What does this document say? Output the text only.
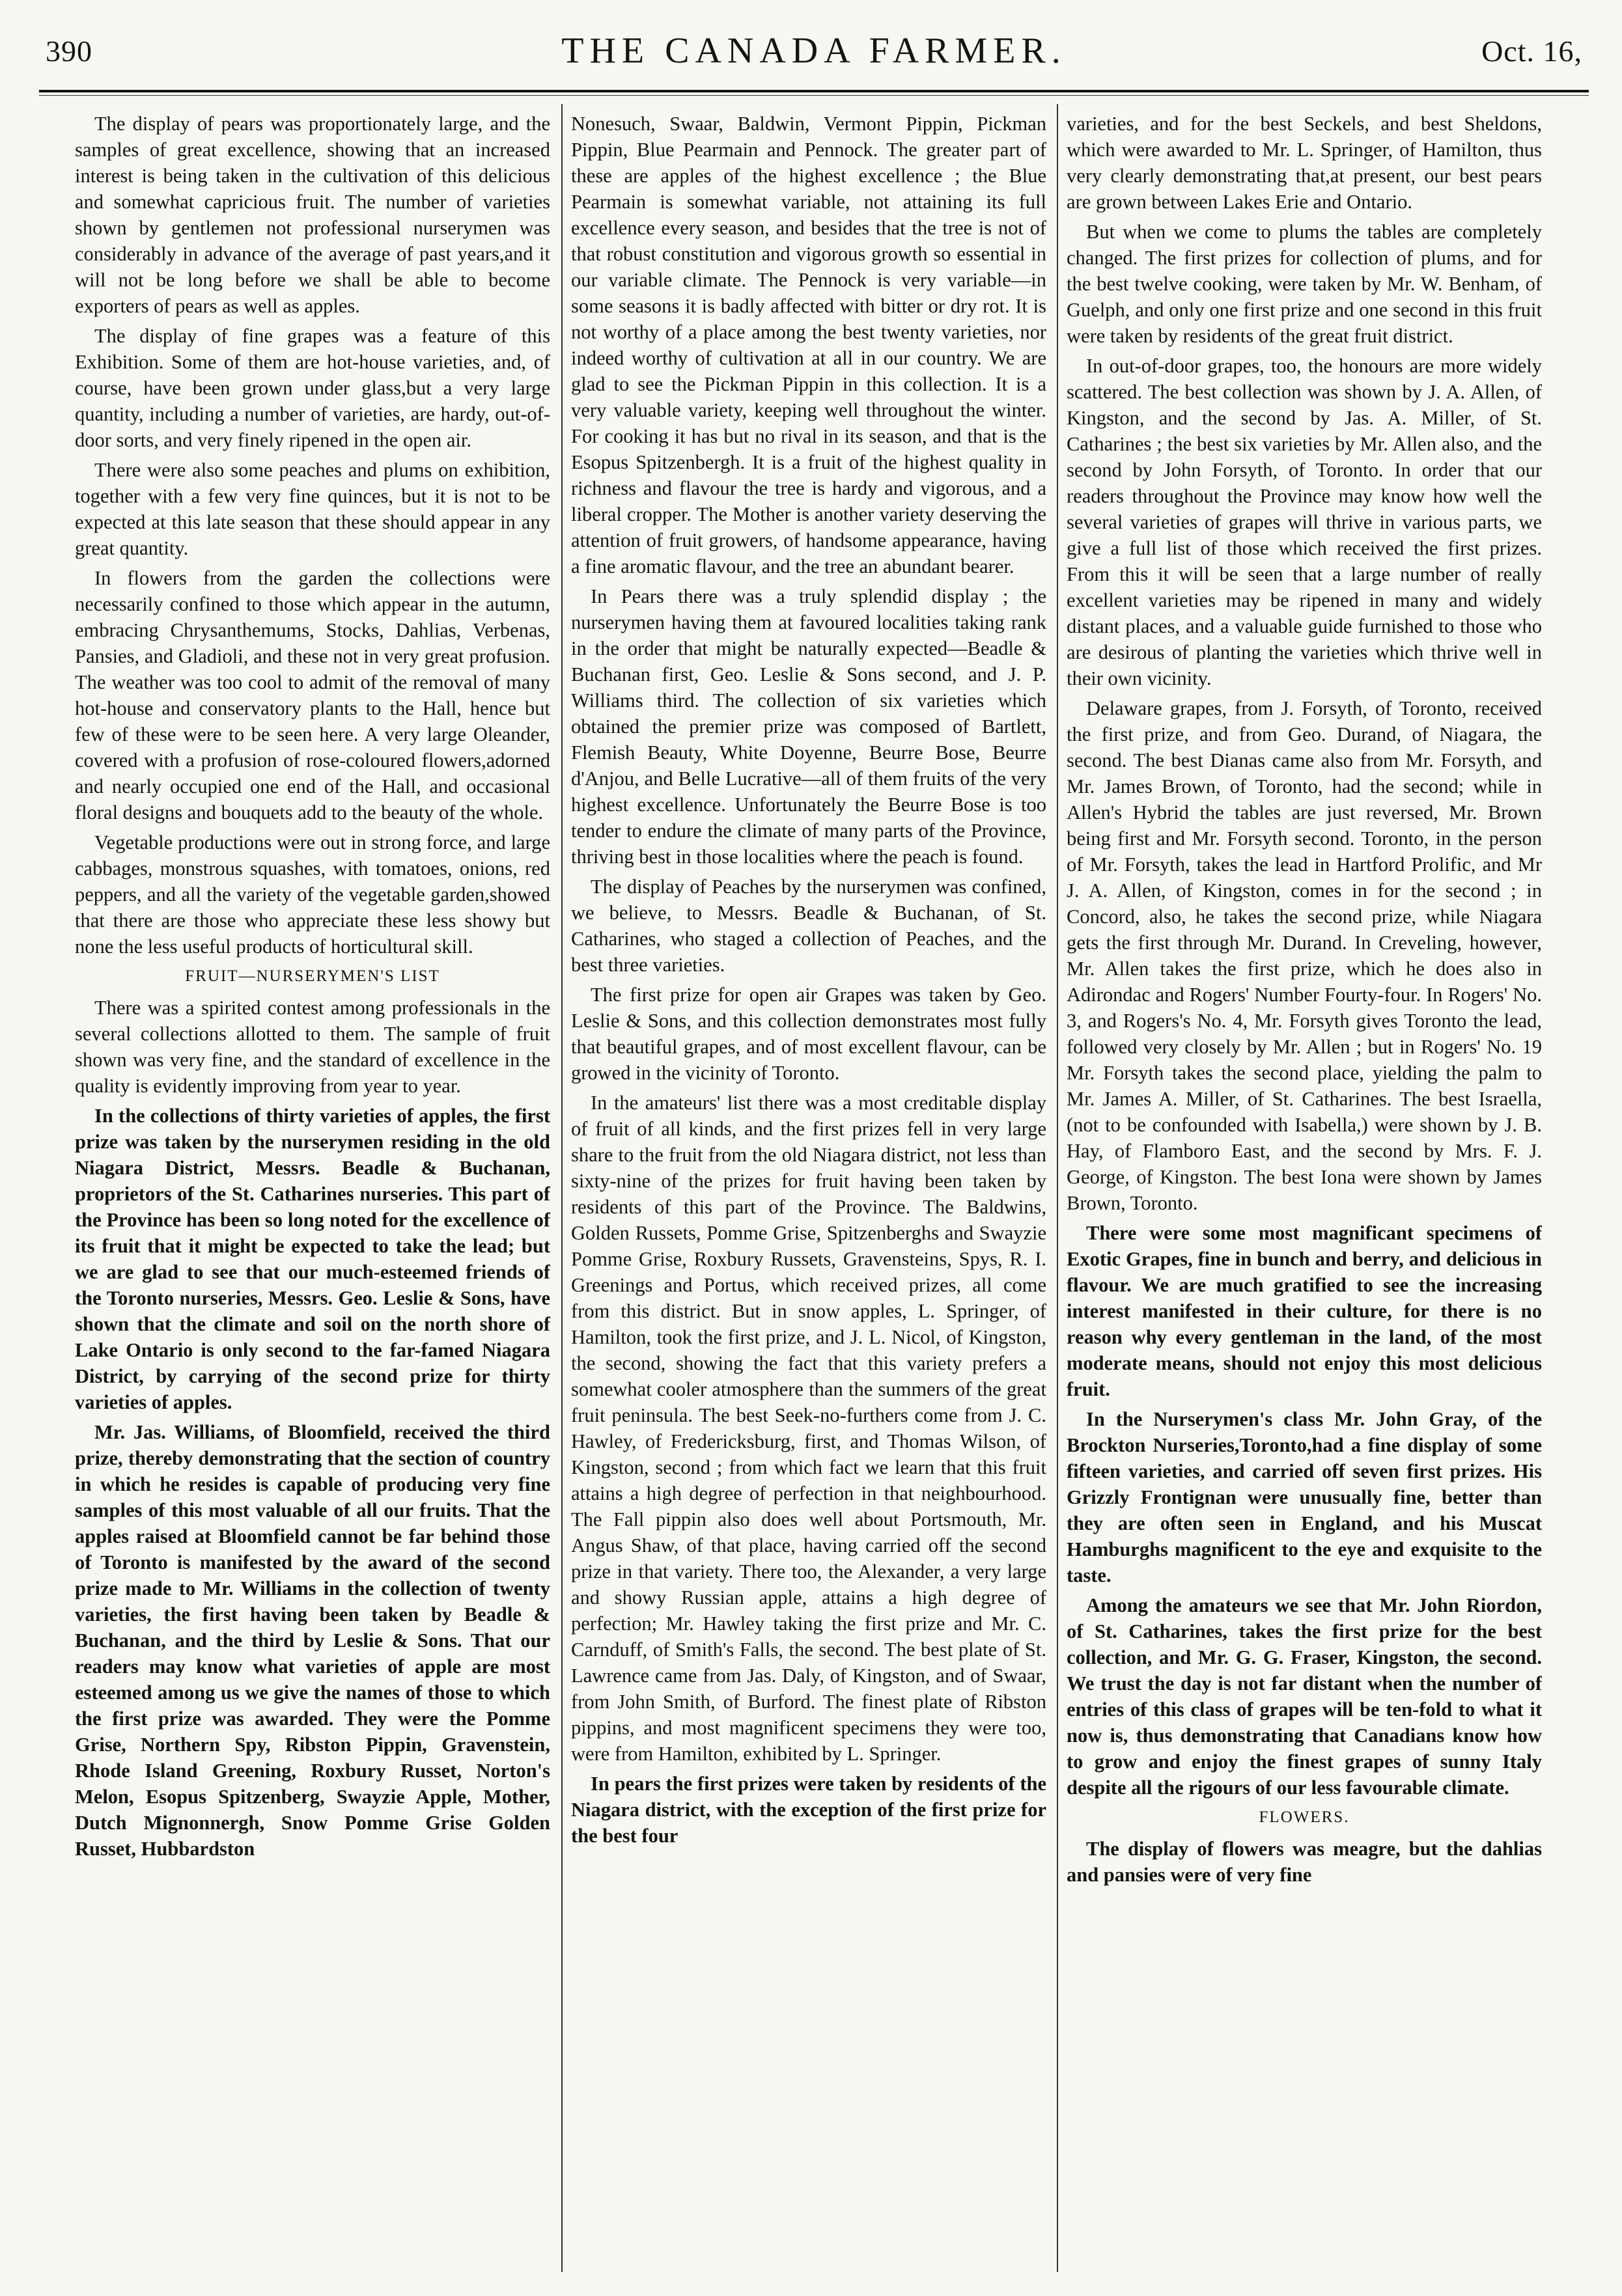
390	THE CANADA FARMER.	Oct. 16,

The display of pears was proportionately large, and the samples of great excellence, showing that an increased interest is being taken in the cultivation of this delicious and somewhat capricious fruit. The number of varieties shown by gentlemen not professional nurserymen was considerably in advance of the average of past years,and it will not be long before we shall be able to become exporters of pears as well as apples.

The display of fine grapes was a feature of this Exhibition. Some of them are hot-house varieties, and, of course, have been grown under glass,but a very large quantity, including a number of varieties, are hardy, out-of-door sorts, and very finely ripened in the open air.

There were also some peaches and plums on exhibition, together with a few very fine quinces, but it is not to be expected at this late season that these should appear in any great quantity.

In flowers from the garden the collections were necessarily confined to those which appear in the autumn, embracing Chrysanthemums, Stocks, Dahlias, Verbenas, Pansies, and Gladioli, and these not in very great profusion. The weather was too cool to admit of the removal of many hot-house and conservatory plants to the Hall, hence but few of these were to be seen here. A very large Oleander, covered with a profusion of rose-coloured flowers,adorned and nearly occupied one end of the Hall, and occasional floral designs and bouquets add to the beauty of the whole.

Vegetable productions were out in strong force, and large cabbages, monstrous squashes, with tomatoes, onions, red peppers, and all the variety of the vegetable garden,showed that there are those who appreciate these less showy but none the less useful products of horticultural skill.

FRUIT—NURSERYMEN'S LIST

There was a spirited contest among professionals in the several collections allotted to them. The sample of fruit shown was very fine, and the standard of excellence in the quality is evidently improving from year to year.

In the collections of thirty varieties of apples, the first prize was taken by the nurserymen residing in the old Niagara District, Messrs. Beadle & Buchanan, proprietors of the St. Catharines nurseries. This part of the Province has been so long noted for the excellence of its fruit that it might be expected to take the lead; but we are glad to see that our much-esteemed friends of the Toronto nurseries, Messrs. Geo. Leslie & Sons, have shown that the climate and soil on the north shore of Lake Ontario is only second to the far-famed Niagara District, by carrying of the second prize for thirty varieties of apples.

Mr. Jas. Williams, of Bloomfield, received the third prize, thereby demonstrating that the section of country in which he resides is capable of producing very fine samples of this most valuable of all our fruits. That the apples raised at Bloomfield cannot be far behind those of Toronto is manifested by the award of the second prize made to Mr. Williams in the collection of twenty varieties, the first having been taken by Beadle & Buchanan, and the third by Leslie & Sons. That our readers may know what varieties of apple are most esteemed among us we give the names of those to which the first prize was awarded. They were the Pomme Grise, Northern Spy, Ribston Pippin, Gravenstein, Rhode Island Greening, Roxbury Russet, Norton's Melon, Esopus Spitzenberg, Swayzie Apple, Mother, Dutch Mignonnergh, Snow Pomme Grise Golden Russet, Hubbardston

Nonesuch, Swaar, Baldwin, Vermont Pippin, Pickman Pippin, Blue Pearmain and Pennock. The greater part of these are apples of the highest excellence ; the Blue Pearmain is somewhat variable, not attaining its full excellence every season, and besides that the tree is not of that robust constitution and vigorous growth so essential in our variable climate. The Pennock is very variable—in some seasons it is badly affected with bitter or dry rot. It is not worthy of a place among the best twenty varieties, nor indeed worthy of cultivation at all in our country. We are glad to see the Pickman Pippin in this collection. It is a very valuable variety, keeping well throughout the winter. For cooking it has but no rival in its season, and that is the Esopus Spitzenbergh. It is a fruit of the highest quality in richness and flavour the tree is hardy and vigorous, and a liberal cropper. The Mother is another variety deserving the attention of fruit growers, of handsome appearance, having a fine aromatic flavour, and the tree an abundant bearer.

In Pears there was a truly splendid display ; the nurserymen having them at favoured localities taking rank in the order that might be naturally expected—Beadle & Buchanan first, Geo. Leslie & Sons second, and J. P. Williams third. The collection of six varieties which obtained the premier prize was composed of Bartlett, Flemish Beauty, White Doyenne, Beurre Bose, Beurre d'Anjou, and Belle Lucrative—all of them fruits of the very highest excellence. Unfortunately the Beurre Bose is too tender to endure the climate of many parts of the Province, thriving best in those localities where the peach is found.

The display of Peaches by the nurserymen was confined, we believe, to Messrs. Beadle & Buchanan, of St. Catharines, who staged a collection of Peaches, and the best three varieties.

The first prize for open air Grapes was taken by Geo. Leslie & Sons, and this collection demonstrates most fully that beautiful grapes, and of most excellent flavour, can be growed in the vicinity of Toronto.

In the amateurs' list there was a most creditable display of fruit of all kinds, and the first prizes fell in very large share to the fruit from the old Niagara district, not less than sixty-nine of the prizes for fruit having been taken by residents of this part of the Province. The Baldwins, Golden Russets, Pomme Grise, Spitzenberghs and Swayzie Pomme Grise, Roxbury Russets, Gravensteins, Spys, R. I. Greenings and Portus, which received prizes, all come from this district. But in snow apples, L. Springer, of Hamilton, took the first prize, and J. L. Nicol, of Kingston, the second, showing the fact that this variety prefers a somewhat cooler atmosphere than the summers of the great fruit peninsula. The best Seek-no-furthers come from J. C. Hawley, of Fredericksburg, first, and Thomas Wilson, of Kingston, second ; from which fact we learn that this fruit attains a high degree of perfection in that neighbourhood. The Fall pippin also does well about Portsmouth, Mr. Angus Shaw, of that place, having carried off the second prize in that variety. There too, the Alexander, a very large and showy Russian apple, attains a high degree of perfection; Mr. Hawley taking the first prize and Mr. C. Carnduff, of Smith's Falls, the second. The best plate of St. Lawrence came from Jas. Daly, of Kingston, and of Swaar, from John Smith, of Burford. The finest plate of Ribston pippins, and most magnificent specimens they were too, were from Hamilton, exhibited by L. Springer.

In pears the first prizes were taken by residents of the Niagara district, with the exception of the first prize for the best four

varieties, and for the best Seckels, and best Sheldons, which were awarded to Mr. L. Springer, of Hamilton, thus very clearly demonstrating that,at present, our best pears are grown between Lakes Erie and Ontario.

But when we come to plums the tables are completely changed. The first prizes for collection of plums, and for the best twelve cooking, were taken by Mr. W. Benham, of Guelph, and only one first prize and one second in this fruit were taken by residents of the great fruit district.

In out-of-door grapes, too, the honours are more widely scattered. The best collection was shown by J. A. Allen, of Kingston, and the second by Jas. A. Miller, of St. Catharines ; the best six varieties by Mr. Allen also, and the second by John Forsyth, of Toronto. In order that our readers throughout the Province may know how well the several varieties of grapes will thrive in various parts, we give a full list of those which received the first prizes. From this it will be seen that a large number of really excellent varieties may be ripened in many and widely distant places, and a valuable guide furnished to those who are desirous of planting the varieties which thrive well in their own vicinity.

Delaware grapes, from J. Forsyth, of Toronto, received the first prize, and from Geo. Durand, of Niagara, the second. The best Dianas came also from Mr. Forsyth, and Mr. James Brown, of Toronto, had the second; while in Allen's Hybrid the tables are just reversed, Mr. Brown being first and Mr. Forsyth second. Toronto, in the person of Mr. Forsyth, takes the lead in Hartford Prolific, and Mr J. A. Allen, of Kingston, comes in for the second ; in Concord, also, he takes the second prize, while Niagara gets the first through Mr. Durand. In Creveling, however, Mr. Allen takes the first prize, which he does also in Adirondac and Rogers' Number Fourty-four. In Rogers' No. 3, and Rogers's No. 4, Mr. Forsyth gives Toronto the lead, followed very closely by Mr. Allen ; but in Rogers' No. 19 Mr. Forsyth takes the second place, yielding the palm to Mr. James A. Miller, of St. Catharines. The best Israella, (not to be confounded with Isabella,) were shown by J. B. Hay, of Flamboro East, and the second by Mrs. F. J. George, of Kingston. The best Iona were shown by James Brown, Toronto.

There were some most magnificant specimens of Exotic Grapes, fine in bunch and berry, and delicious in flavour. We are much gratified to see the increasing interest manifested in their culture, for there is no reason why every gentleman in the land, of the most moderate means, should not enjoy this most delicious fruit.

In the Nurserymen's class Mr. John Gray, of the Brockton Nurseries,Toronto,had a fine display of some fifteen varieties, and carried off seven first prizes. His Grizzly Frontignan were unusually fine, better than they are often seen in England, and his Muscat Hamburghs magnificent to the eye and exquisite to the taste.

Among the amateurs we see that Mr. John Riordon, of St. Catharines, takes the first prize for the best collection, and Mr. G. G. Fraser, Kingston, the second. We trust the day is not far distant when the number of entries of this class of grapes will be ten-fold to what it now is, thus demonstrating that Canadians know how to grow and enjoy the finest grapes of sunny Italy despite all the rigours of our less favourable climate.

FLOWERS.

The display of flowers was meagre, but the dahlias and pansies were of very fine
